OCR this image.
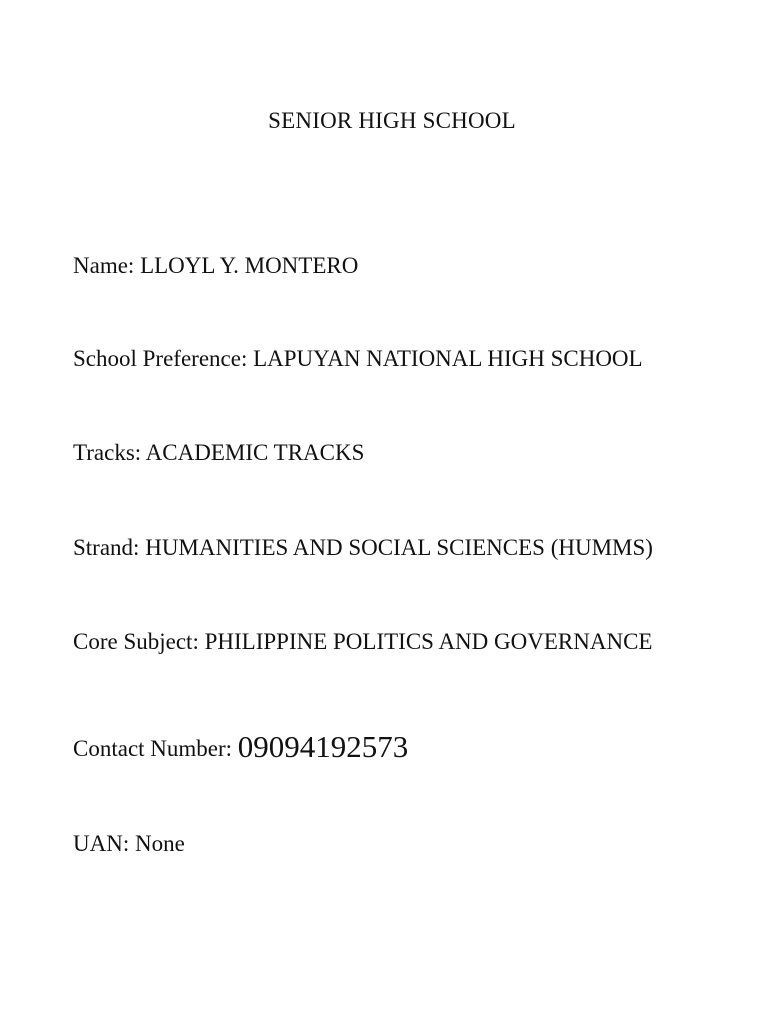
SENIOR HIGH SCHOOL
Name: LLOYL Y. MONTERO
School Preference: LAPUYAN NATIONAL HIGH SCHOOL
Tracks: ACADEMIC TRACKS
Strand: HUMANITIES AND SOCIAL SCIENCES (HUMMS)
Core Subject: PHILIPPINE POLITICS AND GOVERNANCE
Contact Number: 09094192573
UAN: None
